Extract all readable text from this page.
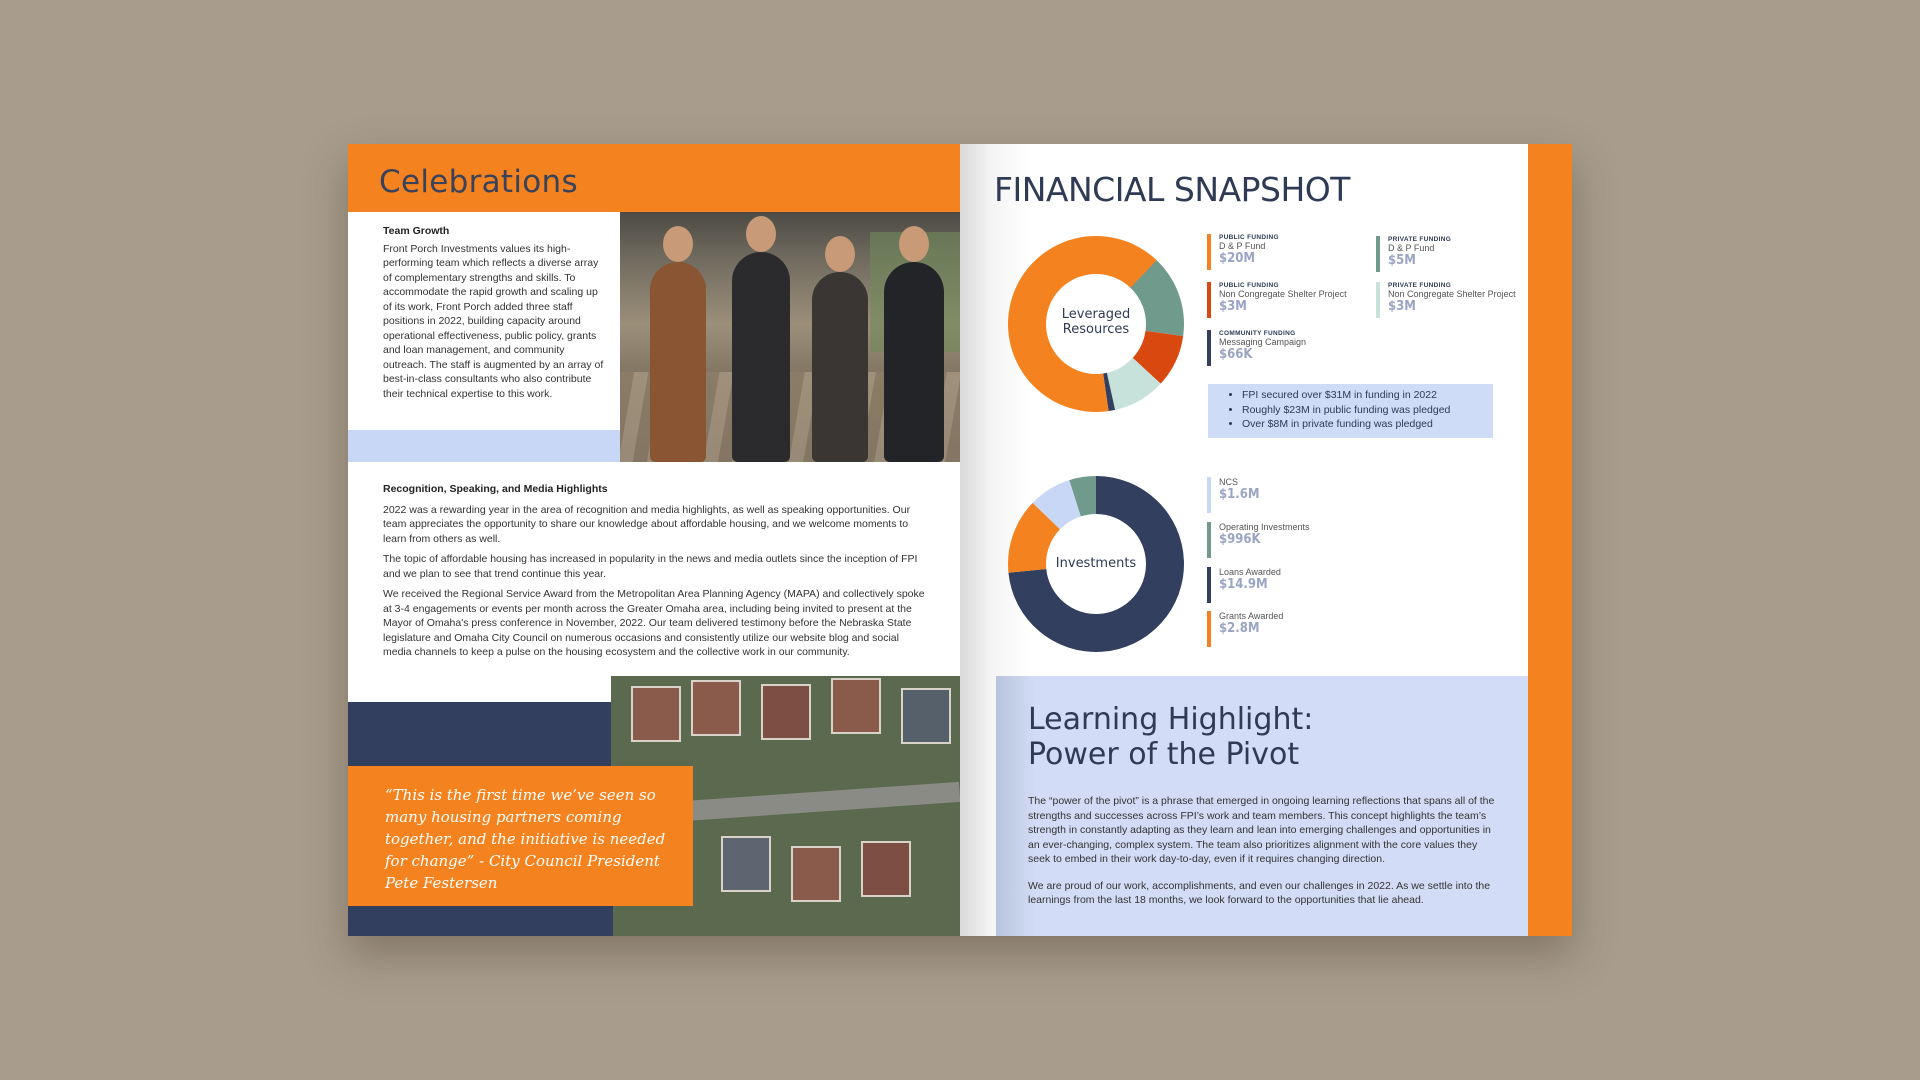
Celebrations
Team Growth
Front Porch Investments values its high-performing team which reflects a diverse array of complementary strengths and skills. To accommodate the rapid growth and scaling up of its work, Front Porch added three staff positions in 2022, building capacity around operational effectiveness, public policy, grants and loan management, and community outreach. The staff is augmented by an array of best-in-class consultants who also contribute their technical expertise to this work.

Recognition, Speaking, and Media Highlights

2022 was a rewarding year in the area of recognition and media highlights, as well as speaking opportunities. Our team appreciates the opportunity to share our knowledge about affordable housing, and we welcome moments to learn from others as well.

The topic of affordable housing has increased in popularity in the news and media outlets since the inception of FPI and we plan to see that trend continue this year.

We received the Regional Service Award from the Metropolitan Area Planning Agency (MAPA) and collectively spoke at 3-4 engagements or events per month across the Greater Omaha area, including being invited to present at the Mayor of Omaha's press conference in November, 2022. Our team delivered testimony before the Nebraska State legislature and Omaha City Council on numerous occasions and consistently utilize our website blog and social media channels to keep a pulse on the housing ecosystem and the collective work in our community.

“This is the first time we’ve seen so many housing partners coming together, and the initiative is needed for change” - City Council President Pete Festersen
FINANCIAL SNAPSHOT
Leveraged
Resources
PUBLIC FUNDING
D & P Fund
$20M
PRIVATE FUNDING
D & P Fund
$5M
PUBLIC FUNDING
Non Congregate Shelter Project
$3M
PRIVATE FUNDING
Non Congregate Shelter Project
$3M
COMMUNITY FUNDING
Messaging Campaign
$66K
• FPI secured over $31M in funding in 2022
• Roughly $23M in public funding was pledged
• Over $8M in private funding was pledged
Investments
NCS
$1.6M
Operating Investments
$996K
Loans Awarded
$14.9M
Grants Awarded
$2.8M
Learning Highlight:
Power of the Pivot

The “power of the pivot” is a phrase that emerged in ongoing learning reflections that spans all of the strengths and successes across FPI’s work and team members. This concept highlights the team’s strength in constantly adapting as they learn and lean into emerging challenges and opportunities in an ever-changing, complex system. The team also prioritizes alignment with the core values they seek to embed in their work day-to-day, even if it requires changing direction.

We are proud of our work, accomplishments, and even our challenges in 2022. As we settle into the learnings from the last 18 months, we look forward to the opportunities that lie ahead.
